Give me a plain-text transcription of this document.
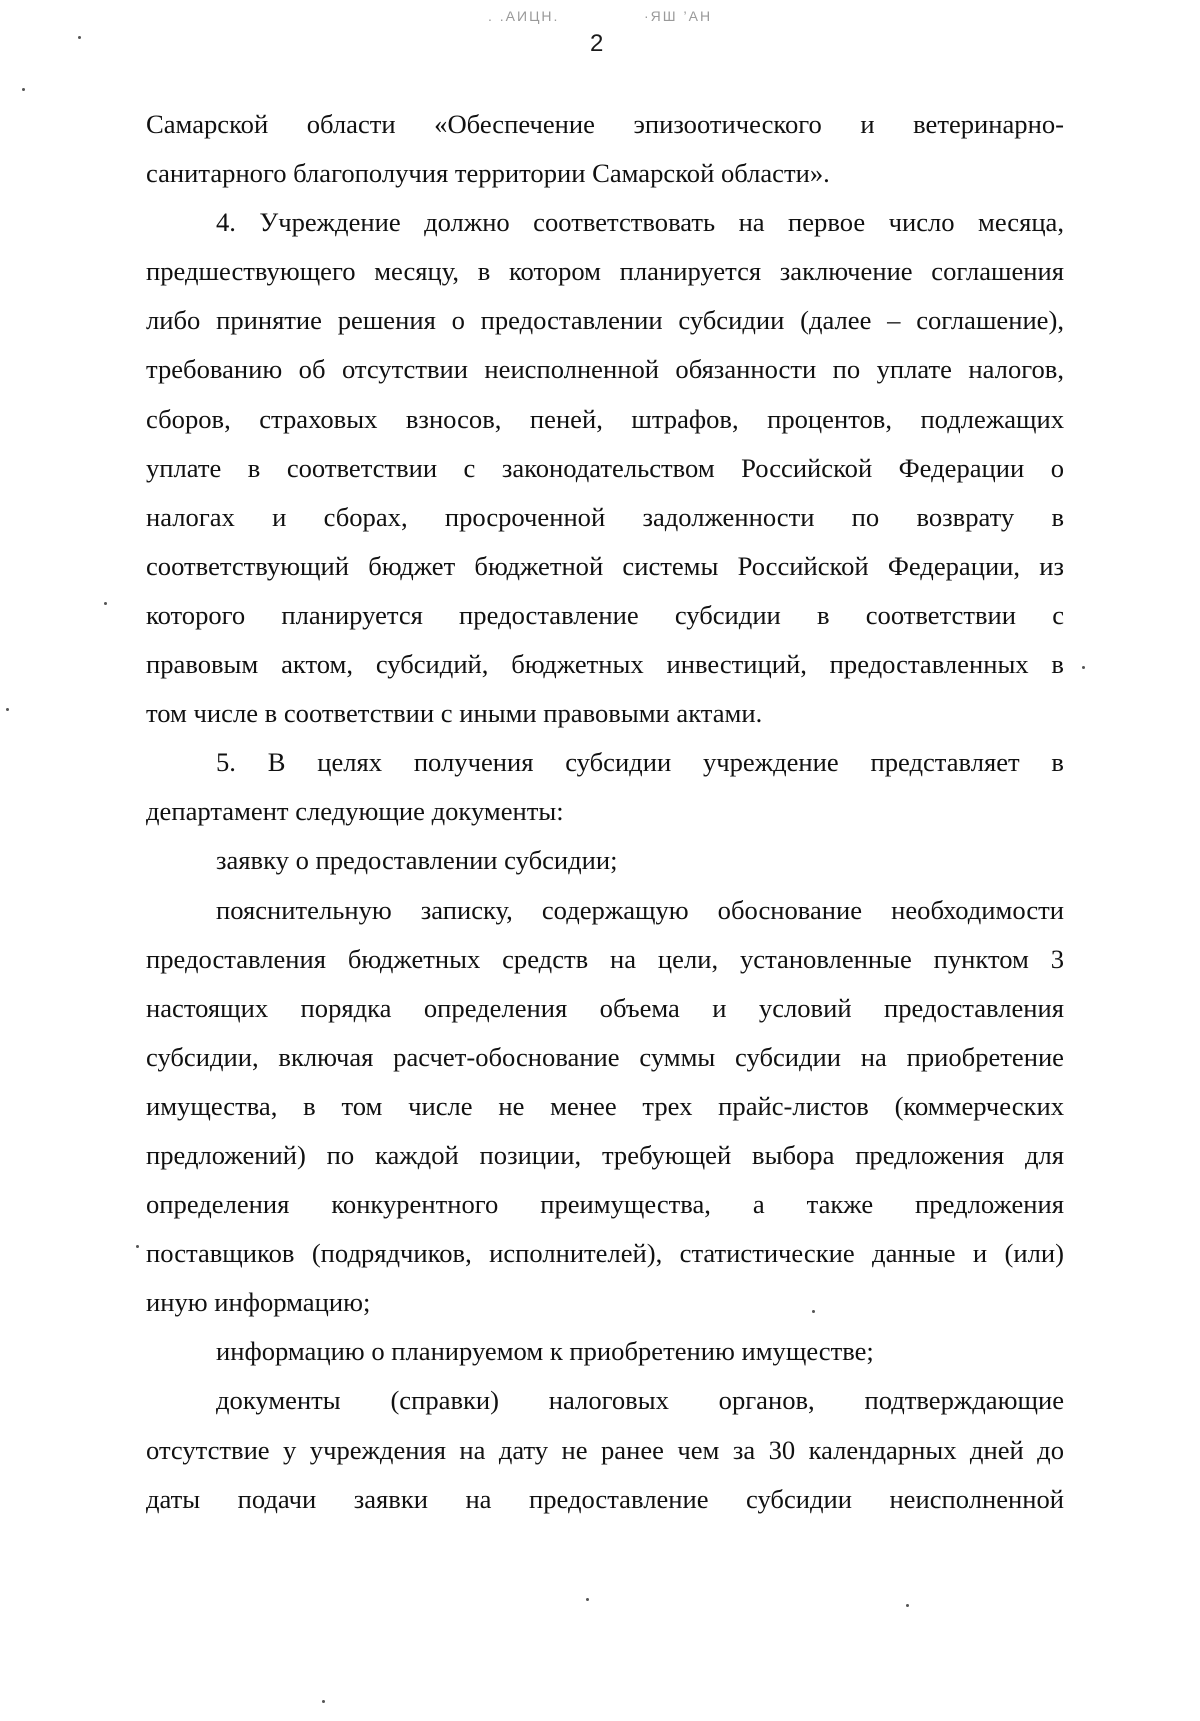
. .АИЦН.	·ЯШ ’АН
2
Самарской области «Обеспечение эпизоотического и ветеринарно-
санитарного благополучия территории Самарской области».
4. Учреждение должно соответствовать на первое число месяца,
предшествующего месяцу, в котором планируется заключение соглашения
либо принятие решения о предоставлении субсидии (далее – соглашение),
требованию об отсутствии неисполненной обязанности по уплате налогов,
сборов, страховых взносов, пеней, штрафов, процентов, подлежащих
уплате в соответствии с законодательством Российской Федерации о
налогах и сборах, просроченной задолженности по возврату в
соответствующий бюджет бюджетной системы Российской Федерации, из
которого планируется предоставление субсидии в соответствии с
правовым актом, субсидий, бюджетных инвестиций, предоставленных в
том числе в соответствии с иными правовыми актами.
5. В целях получения субсидии учреждение представляет в
департамент следующие документы:
заявку о предоставлении субсидии;
пояснительную записку, содержащую обоснование необходимости
предоставления бюджетных средств на цели, установленные пунктом 3
настоящих порядка определения объема и условий предоставления
субсидии, включая расчет-обоснование суммы субсидии на приобретение
имущества, в том числе не менее трех прайс-листов (коммерческих
предложений) по каждой позиции, требующей выбора предложения для
определения конкурентного преимущества, а также предложения
поставщиков (подрядчиков, исполнителей), статистические данные и (или)
иную информацию;
информацию о планируемом к приобретению имуществе;
документы (справки) налоговых органов, подтверждающие
отсутствие у учреждения на дату не ранее чем за 30 календарных дней до
даты подачи заявки на предоставление субсидии неисполненной
